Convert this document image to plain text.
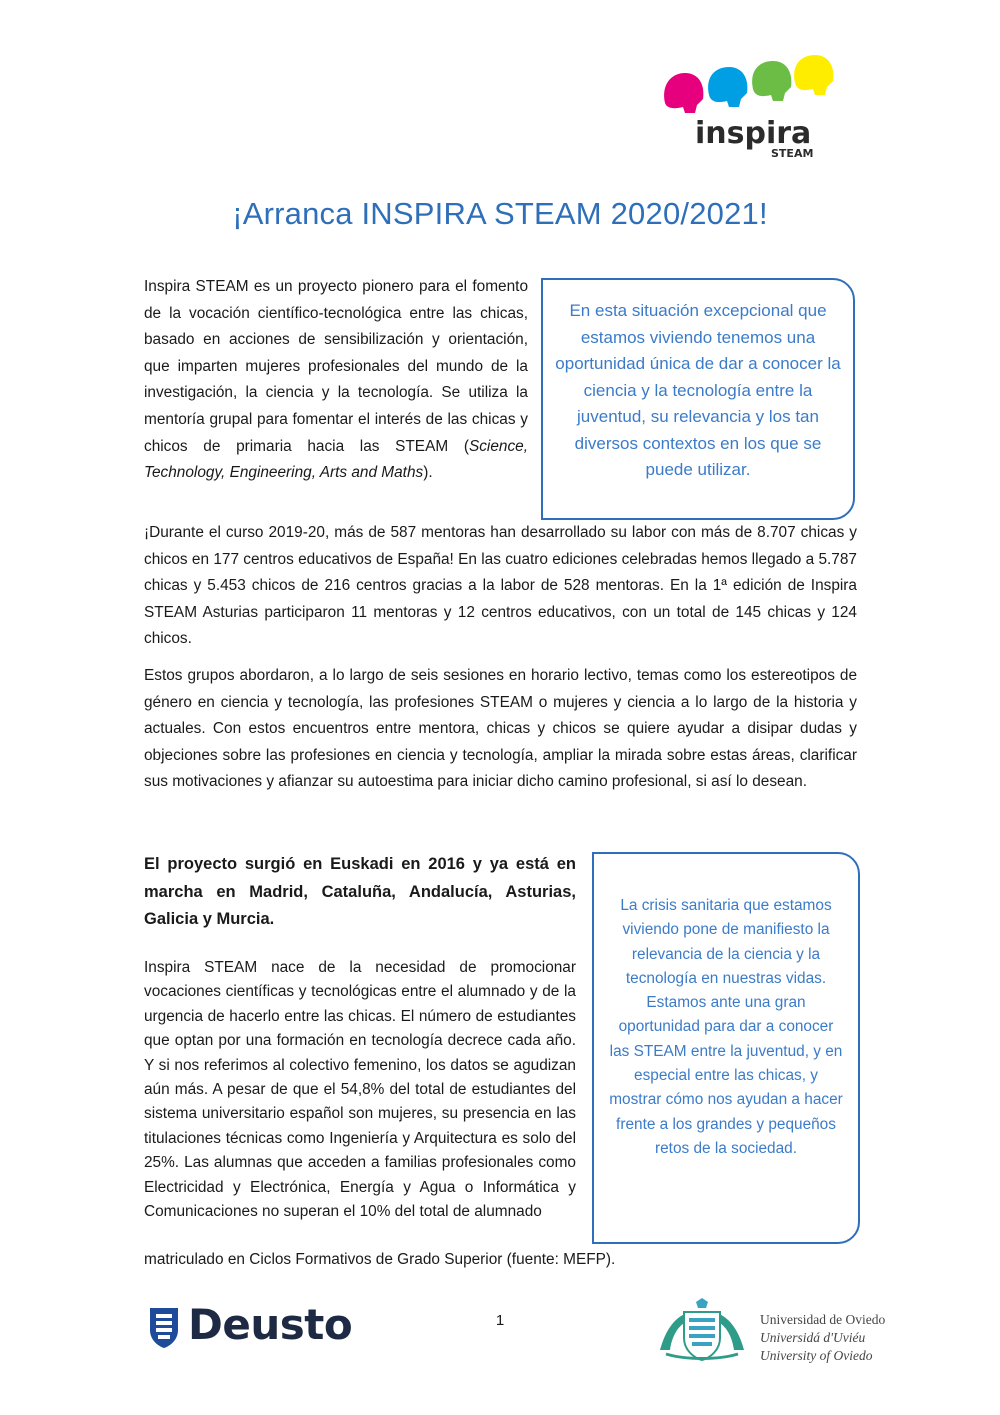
inspira
STEAM
¡Arranca INSPIRA STEAM 2020/2021!
Inspira STEAM es un proyecto pionero para el fomento de la vocación científico-tecnológica entre las chicas, basado en acciones de sensibilización y orientación, que imparten mujeres profesionales del mundo de la investigación, la ciencia y la tecnología. Se utiliza la mentoría grupal para fomentar el interés de las chicas y chicos de primaria hacia las STEAM (Science, Technology, Engineering, Arts and Maths).
En esta situación excepcional que estamos viviendo tenemos una oportunidad única de dar a conocer la ciencia y la tecnología entre la juventud, su relevancia y los tan diversos contextos en los que se puede utilizar.
¡Durante el curso 2019-20, más de 587 mentoras han desarrollado su labor con más de 8.707 chicas y chicos en 177 centros educativos de España! En las cuatro ediciones celebradas hemos llegado a 5.787 chicas y 5.453 chicos de 216 centros gracias a la labor de 528 mentoras. En la 1ª edición de Inspira STEAM Asturias participaron 11 mentoras y 12 centros educativos, con un total de 145 chicas y 124 chicos.
Estos grupos abordaron, a lo largo de seis sesiones en horario lectivo, temas como los estereotipos de género en ciencia y tecnología, las profesiones STEAM o mujeres y ciencia a lo largo de la historia y actuales. Con estos encuentros entre mentora, chicas y chicos se quiere ayudar a disipar dudas y objeciones sobre las profesiones en ciencia y tecnología, ampliar la mirada sobre estas áreas, clarificar sus motivaciones y afianzar su autoestima para iniciar dicho camino profesional, si así lo desean.
El proyecto surgió en Euskadi en 2016 y ya está en marcha en Madrid, Cataluña, Andalucía, Asturias, Galicia y Murcia.
Inspira STEAM nace de la necesidad de promocionar vocaciones científicas y tecnológicas entre el alumnado y de la urgencia de hacerlo entre las chicas. El número de estudiantes que optan por una formación en tecnología decrece cada año. Y si nos referimos al colectivo femenino, los datos se agudizan aún más. A pesar de que el 54,8% del total de estudiantes del sistema universitario español son mujeres, su presencia en las titulaciones técnicas como Ingeniería y Arquitectura es solo del 25%. Las alumnas que acceden a familias profesionales como Electricidad y Electrónica, Energía y Agua o Informática y Comunicaciones no superan el 10% del total de alumnado
matriculado en Ciclos Formativos de Grado Superior (fuente: MEFP).
La crisis sanitaria que estamos viviendo pone de manifiesto la relevancia de la ciencia y la tecnología en nuestras vidas. Estamos ante una gran oportunidad para dar a conocer las STEAM entre la juventud, y en especial entre las chicas, y mostrar cómo nos ayudan a hacer frente a los grandes y pequeños retos de la sociedad.
1
Deusto	Universidad de Oviedo
Universidá d'Uviéu
University of Oviedo
